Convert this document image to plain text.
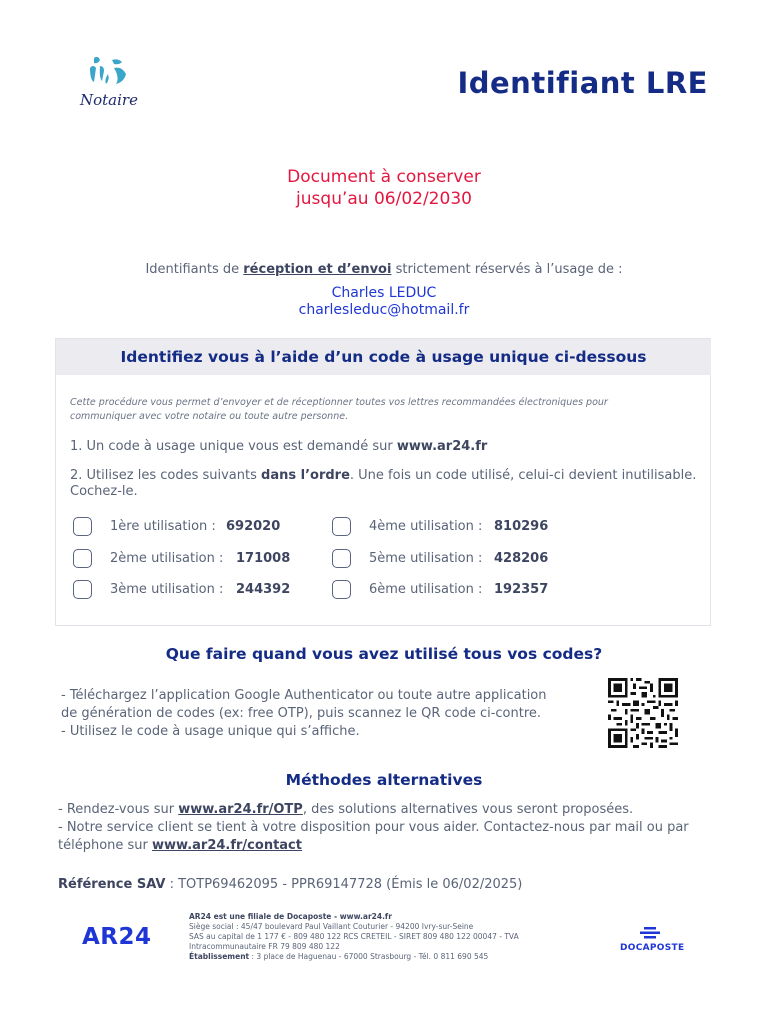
Notaire	Identifiant LRE
Document à conserver
jusqu’au 06/02/2030
Identifiants de réception et d’envoi strictement réservés à l’usage de :
Charles LEDUC
charlesleduc@hotmail.fr
Identifiez vous à l’aide d’un code à usage unique ci-dessous
Cette procédure vous permet d’envoyer et de réceptionner toutes vos lettres recommandées électroniques pour communiquer avec votre notaire ou toute autre personne.
1. Un code à usage unique vous est demandé sur www.ar24.fr
2. Utilisez les codes suivants dans l’ordre. Une fois un code utilisé, celui-ci devient inutilisable. Cochez-le.
1ère utilisation : 692020
2ème utilisation : 171008
3ème utilisation : 244392
4ème utilisation : 810296
5ème utilisation : 428206
6ème utilisation : 192357
Que faire quand vous avez utilisé tous vos codes?
- Téléchargez l’application Google Authenticator ou toute autre application
de génération de codes (ex: free OTP), puis scannez le QR code ci-contre.
- Utilisez le code à usage unique qui s’affiche.
Méthodes alternatives
- Rendez-vous sur www.ar24.fr/OTP, des solutions alternatives vous seront proposées.
- Notre service client se tient à votre disposition pour vous aider. Contactez-nous par mail ou par
téléphone sur www.ar24.fr/contact
Référence SAV : TOTP69462095 - PPR69147728 (Émis le 06/02/2025)
AR24
AR24 est une filiale de Docaposte - www.ar24.fr
Siège social : 45/47 boulevard Paul Vaillant Couturier - 94200 Ivry-sur-Seine
SAS au capital de 1 177 € - 809 480 122 RCS CRETEIL - SIRET 809 480 122 00047 - TVA
Intracommunautaire FR 79 809 480 122
Établissement : 3 place de Haguenau - 67000 Strasbourg - Tél. 0 811 690 545
DOCAPOSTE
